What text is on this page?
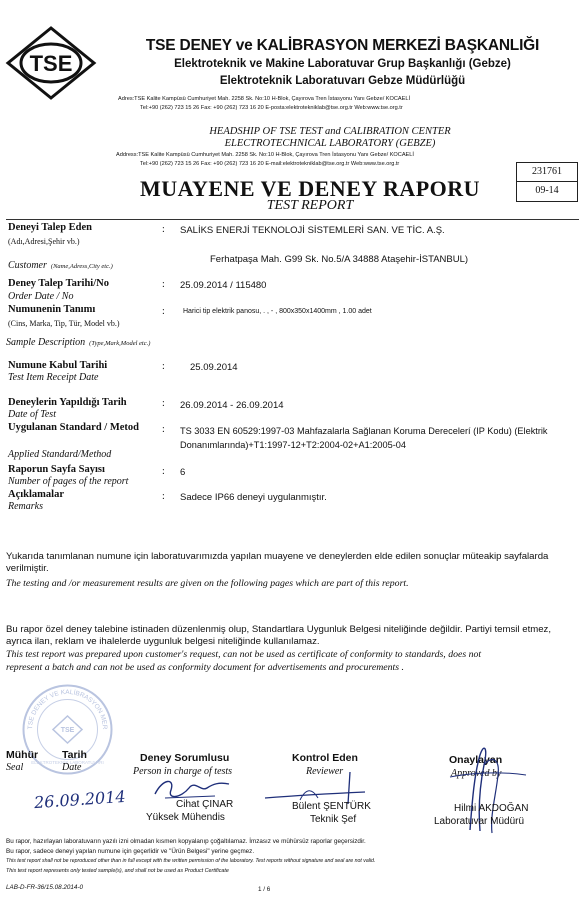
TSE
TSE DENEY ve KALİBRASYON MERKEZİ BAŞKANLIĞI
Elektroteknik ve Makine Laboratuvar Grup Başkanlığı (Gebze)
Elektroteknik Laboratuvarı Gebze Müdürlüğü
Adres:TSE Kalite Kampüsü Cumhuriyet Mah. 2258 Sk. No:10 H-Blok, Çayırova Tren İstasyonu Yanı Gebze/ KOCAELİ
Tel:+90 (262) 723 15 26 Fax: +90 (262) 723 16 20 E-posta:elektrotekniklab@tse.org.tr Web:www.tse.org.tr
HEADSHIP OF TSE TEST and CALIBRATION CENTER
ELECTROTECHNICAL LABORATORY (GEBZE)
Address:TSE Kalite Kampüsü Cumhuriyet Mah. 2258 Sk. No:10 H-Blok, Çayırova Tren İstasyonu Yanı Gebze/ KOCAELİ
Tel:+90 (262) 723 15 26 Fax: +90 (262) 723 16 20 E-mail:elektrotekniklab@tse.org.tr Web:www.tse.org.tr
231761
09-14
MUAYENE VE DENEY RAPORU
TEST REPORT
Deneyi Talep Eden
(Adı,Adresi,Şehir vb.)
Customer (Name,Adress,City etc.)
: SALİKS ENERJİ TEKNOLOJİ SİSTEMLERİ SAN. VE TİC. A.Ş.
Ferhatpaşa Mah. G99 Sk. No.5/A 34888 Ataşehir-İSTANBUL)
Deney Talep Tarihi/No
Order Date / No
: 25.09.2014 / 115480
Numunenin Tanımı
(Cins, Marka, Tip, Tür, Model vb.)
Sample Description (Type,Mark,Model etc.)
:	Harici tip elektrik panosu, . , - , 800x350x1400mm , 1.00 adet
Numune Kabul Tarihi
Test Item Receipt Date
:	25.09.2014
Deneylerin Yapıldığı Tarih
Date of Test
: 26.09.2014 - 26.09.2014
Uygulanan Standard / Metod
Applied Standard/Method
: TS 3033 EN 60529:1997-03 Mahfazalarla Sağlanan Koruma Derecelerí (IP Kodu) (Elektrik
Donanımlarında)+T1:1997-12+T2:2004-02+A1:2005-04
Raporun Sayfa Sayısı
Number of pages of the report
: 6
Açıklamalar
Remarks
: Sadece IP66 deneyi uygulanmıştır.
Yukarıda tanımlanan numune için laboratuvarımızda yapılan muayene ve deneylerden elde edilen sonuçlar müteakip sayfalarda
verilmiştir.
The testing and /or measurement results are given on the following pages which are part of this report.
Bu rapor özel deney talebine istinaden düzenlenmiş olup, Standartlara Uygunluk Belgesi niteliğinde değildir. Partiyi temsil etmez,
ayrıca ilan, reklam ve ihalelerde uygunluk belgesi niteliğinde kullanılamaz.
This test report was prepared upon customer's request, can not be used as certificate of conformity to standards, does not
represent a batch and can not be used as conformity document for advertisements and procurements .
TSE DENEY VE KALİBRASYON MERKEZİ BAŞKANLIĞI
TSE
ELEKTROTEKNİK LABORATUVARI
Mühür
Seal
Tarih
Date
26.09.2014
Deney Sorumlusu
Person in charge of tests
Cihat ÇINAR
Yüksek Mühendis
Kontrol Eden
Reviewer
Bülent ŞENTÜRK
Teknik Şef
Onaylayan
Approved by
Hilmi AKDOĞAN
Laboratuvar Müdürü
Bu rapor, hazırlayan laboratuvarın yazılı izni olmadan kısmen kopyalanıp çoğaltılamaz. İmzasız ve mühürsüz raporlar geçersizdir.
Bu rapor, sadece deneyi yapılan numune için geçerlidir ve "Ürün Belgesi" yerine geçmez.
This test report shall not be reproduced other than in full except with the written permission of the laboratory. Test reports without signature and seal are not valid.
This test report represents only tested sample(s), and shall not be used as Product Certificate
LAB-D-FR-36/15.08.2014-0	1 / 6
